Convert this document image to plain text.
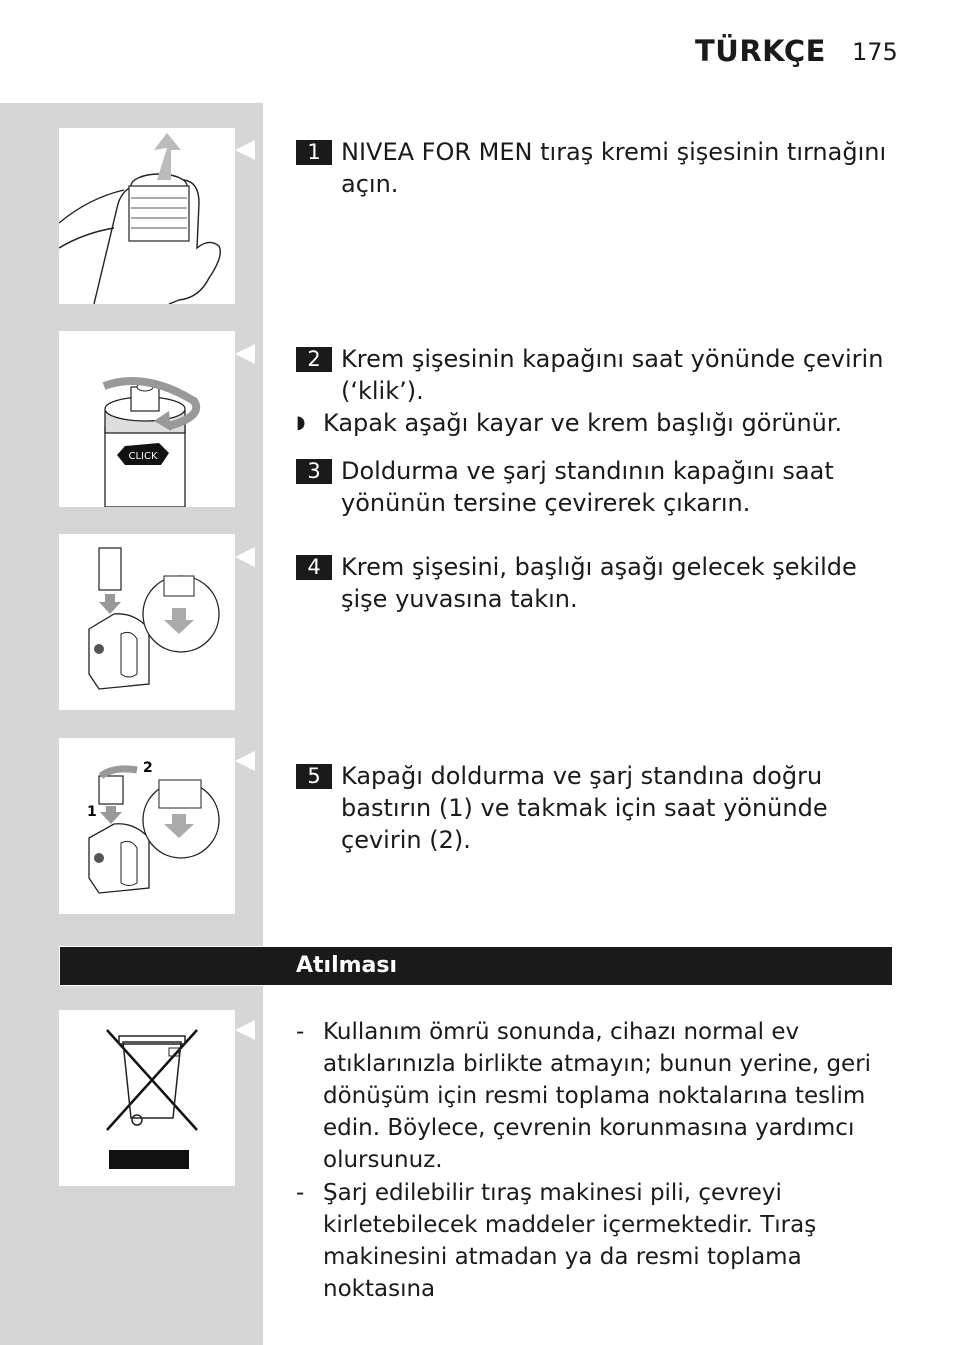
TÜRKÇE 175
CLICK
2
1
1 NIVEA FOR MEN tıraş kremi şişesinin tırnağını açın.
2 Krem şişesinin kapağını saat yönünde çevirin (‘klik’).
◗ Kapak aşağı kayar ve krem başlığı görünür.
3 Doldurma ve şarj standının kapağını saat yönünün tersine çevirerek çıkarın.
4 Krem şişesini, başlığı aşağı gelecek şekilde şişe yuvasına takın.
5 Kapağı doldurma ve şarj standına doğru bastırın (1) ve takmak için saat yönünde çevirin (2).
Atılması
- Kullanım ömrü sonunda, cihazı normal ev atıklarınızla birlikte atmayın; bunun yerine, geri dönüşüm için resmi toplama noktalarına teslim edin. Böylece, çevrenin korunmasına yardımcı olursunuz.
- Şarj edilebilir tıraş makinesi pili, çevreyi kirletebilecek maddeler içermektedir. Tıraş makinesini atmadan ya da resmi toplama noktasına
